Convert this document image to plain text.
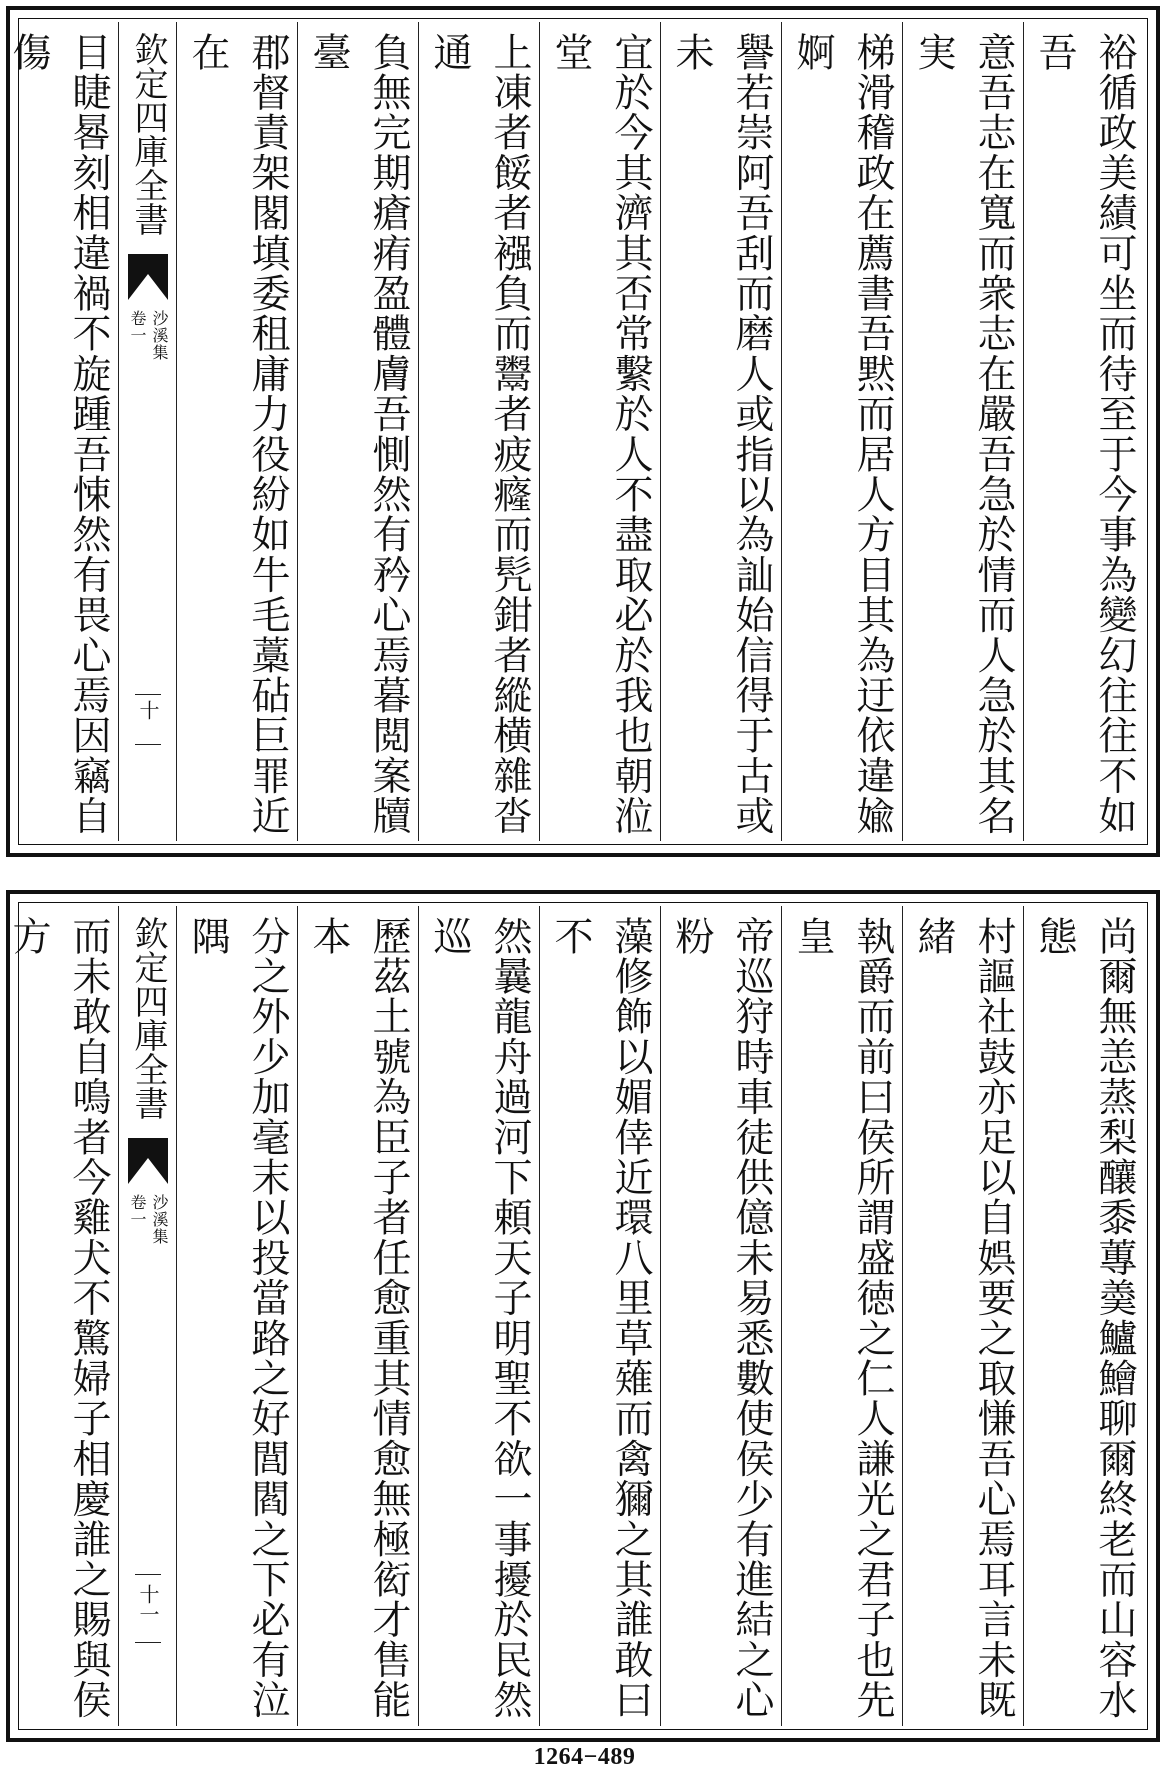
裕循政美績可坐而待至于今事為變幻往往不如吾
意吾志在寬而衆志在嚴吾急於情而人急於其名実
梯滑稽政在薦書吾黙而居人方目其為迂依違婾婀
譽若崇阿吾刮而磨人或指以為訕始信得于古或未
宜於今其濟其否常繫於人不盡取必於我也朝涖堂
上凍者餒者襁負而鬻者疲癃而髠鉗者縱横雜沓通
負無完期瘡痏盈體膚吾惻然有矜心焉暮閲案牘臺
郡督責架閣填委租庸力役紛如牛毛藁砧巨罪近在
欽定四庫全書
沙溪集
卷一
十
目睫晷刻相違禍不旋踵吾悚然有畏心焉因竊自傷
尚爾無恙蒸梨釀黍蓴羮鱸鱠聊爾終老而山容水態
村謳社鼓亦足以自娯要之取慊吾心焉耳言未既緒
執爵而前曰侯所謂盛徳之仁人謙光之君子也先皇
帝巡狩時車徒供億未易悉數使侯少有進結之心粉
藻修飾以媚倖近環八里草薙而禽獮之其誰敢曰不
然曩龍舟過河下頼天子明聖不欲一事擾於民然巡
歷茲土號為臣子者任愈重其情愈無極衒才售能本
分之外少加毫末以投當路之好閭閻之下必有泣隅
欽定四庫全書
沙溪集
卷一
十一
而未敢自鳴者今雞犬不驚婦子相慶誰之賜與侯方
1264−489
